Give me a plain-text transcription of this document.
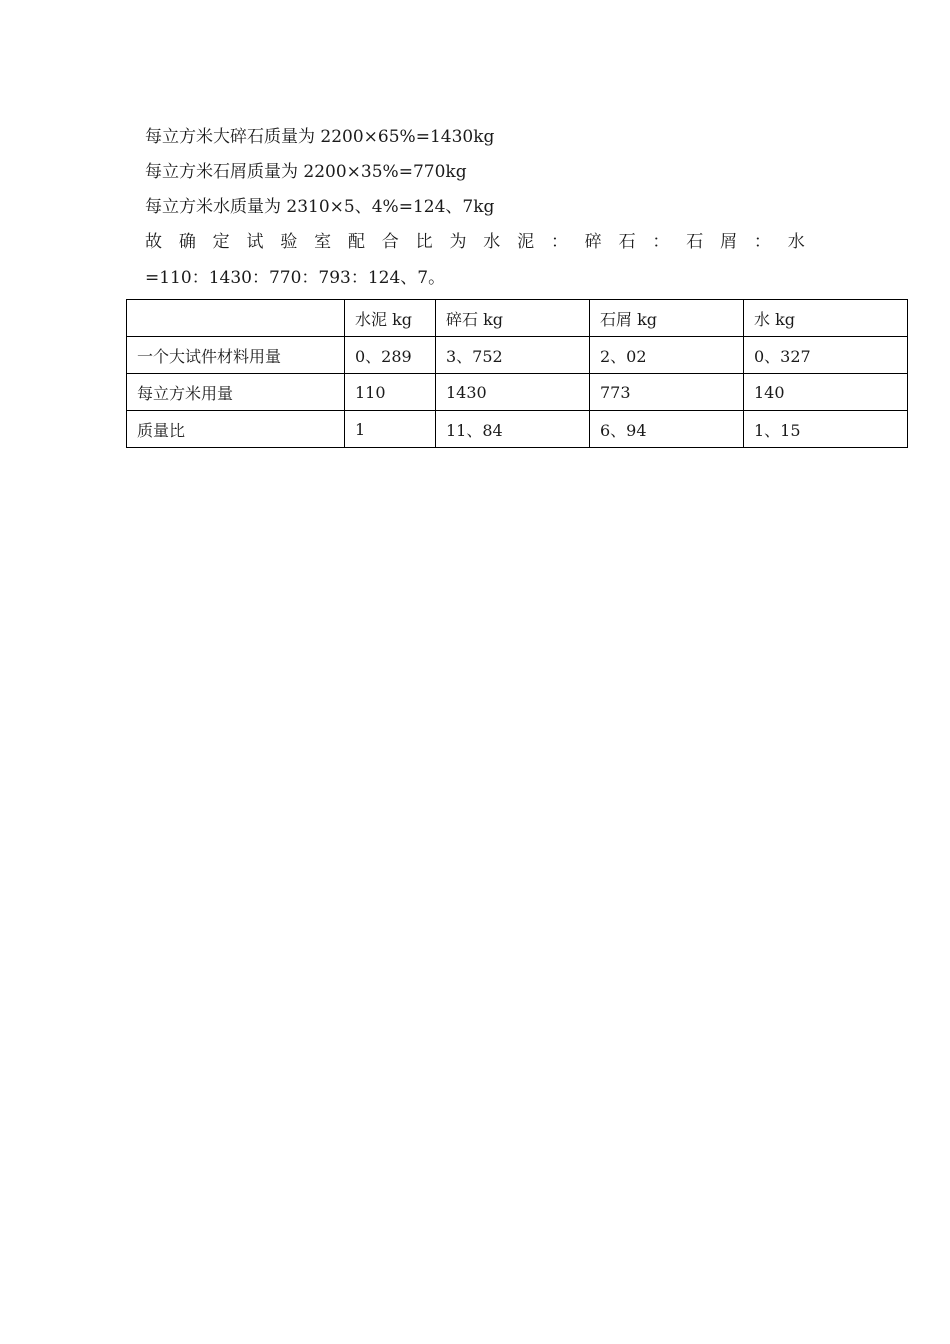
每立方米大碎石质量为 2200×65%=1430kg
每立方米石屑质量为 2200×35%=770kg
每立方米水质量为 2310×5、4%=124、7kg
故 确 定 试 验 室 配 合 比 为 水 泥 ： 碎 石 ： 石 屑 ： 水
=110：1430：770：793：124、7。
	水泥 kg	碎石 kg	石屑 kg	水 kg
一个大试件材料用量	0、289	3、752	2、02	0、327
每立方米用量	110	1430	773	140
质量比	1	11、84	6、94	1、15
